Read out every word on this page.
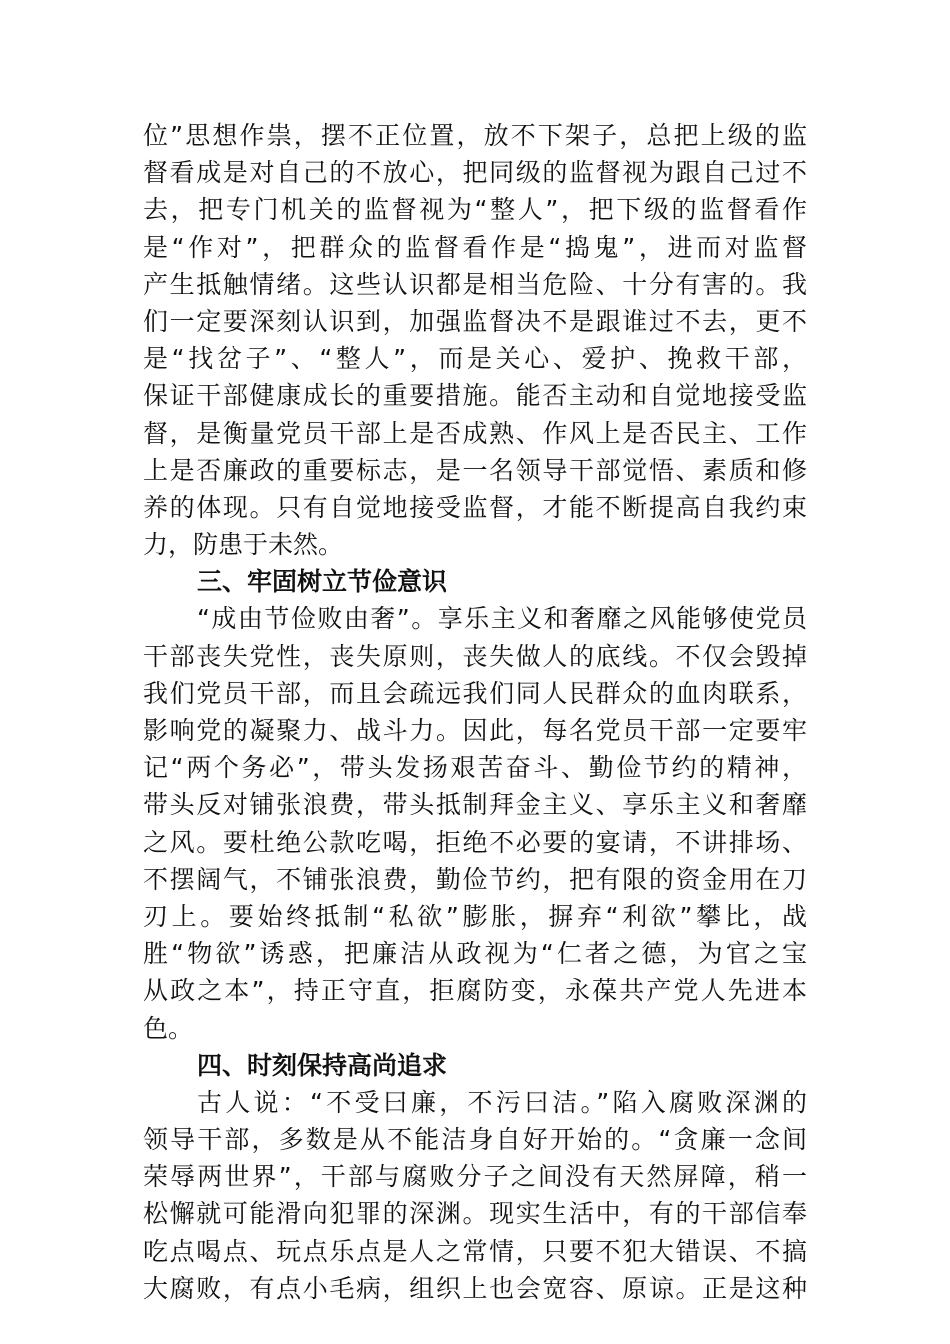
位”思想作祟，摆不正位置，放不下架子，总把上级的监
督看成是对自己的不放心，把同级的监督视为跟自己过不
去，把专门机关的监督视为“整人”，把下级的监督看作
是“作对”，把群众的监督看作是“捣鬼”，进而对监督
产生抵触情绪。这些认识都是相当危险、十分有害的。我
们一定要深刻认识到，加强监督决不是跟谁过不去，更不
是“找岔子”、“整人”，而是关心、爱护、挽救干部，
保证干部健康成长的重要措施。能否主动和自觉地接受监
督，是衡量党员干部上是否成熟、作风上是否民主、工作
上是否廉政的重要标志，是一名领导干部觉悟、素质和修
养的体现。只有自觉地接受监督，才能不断提高自我约束
力，防患于未然。
三、牢固树立节俭意识
“成由节俭败由奢”。享乐主义和奢靡之风能够使党员
干部丧失党性，丧失原则，丧失做人的底线。不仅会毁掉
我们党员干部，而且会疏远我们同人民群众的血肉联系，
影响党的凝聚力、战斗力。因此，每名党员干部一定要牢
记“两个务必”，带头发扬艰苦奋斗、勤俭节约的精神，
带头反对铺张浪费，带头抵制拜金主义、享乐主义和奢靡
之风。要杜绝公款吃喝，拒绝不必要的宴请，不讲排场、
不摆阔气，不铺张浪费，勤俭节约，把有限的资金用在刀
刃上。要始终抵制“私欲”膨胀，摒弃“利欲”攀比，战
胜“物欲”诱惑，把廉洁从政视为“仁者之德，为官之宝
从政之本”，持正守直，拒腐防变，永葆共产党人先进本
色。
四、时刻保持高尚追求
古人说：“不受曰廉，不污曰洁。”陷入腐败深渊的
领导干部，多数是从不能洁身自好开始的。“贪廉一念间
荣辱两世界”，干部与腐败分子之间没有天然屏障，稍一
松懈就可能滑向犯罪的深渊。现实生活中，有的干部信奉
吃点喝点、玩点乐点是人之常情，只要不犯大错误、不搞
大腐败，有点小毛病，组织上也会宽容、原谅。正是这种
